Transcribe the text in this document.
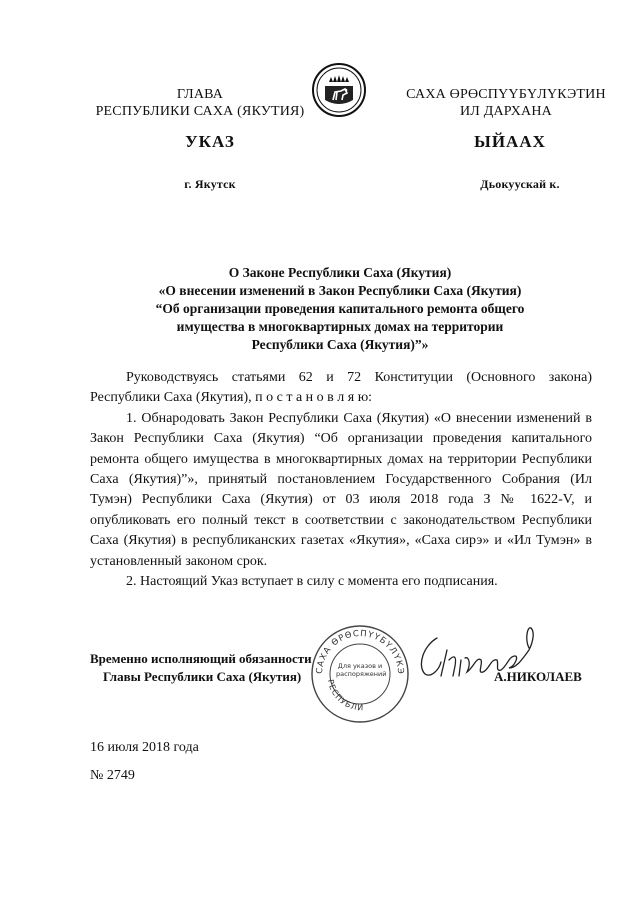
ГЛАВА
РЕСПУБЛИКИ САХА (ЯКУТИЯ)
САХА ӨРӨСПҮҮБҮЛҮКЭТИН
ИЛ ДАРХАНА
УКАЗ	ЫЙААХ
г. Якутск	Дьокуускай к.
О Законе Республики Саха (Якутия)
«О внесении изменений в Закон Республики Саха (Якутия)
“Об организации проведения капитального ремонта общего
имущества в многоквартирных домах на территории
Республики Саха (Якутия)”»

Руководствуясь статьями 62 и 72 Конституции (Основного закона) Республики Саха (Якутия), п о с т а н о в л я ю:

1. Обнародовать Закон Республики Саха (Якутия) «О внесении изменений в Закон Республики Саха (Якутия) “Об организации проведения капитального ремонта общего имущества в многоквартирных домах на территории Республики Саха (Якутия)”», принятый постановлением Государственного Собрания (Ил Тумэн) Республики Саха (Якутия) от 03 июля 2018 года З № 1622-V, и опубликовать его полный текст в соответствии с законодательством Республики Саха (Якутия) в республиканских газетах «Якутия», «Саха сирэ» и «Ил Тумэн» в установленный законом срок.

2. Настоящий Указ вступает в силу с момента его подписания.

Временно исполняющий обязанности
Главы Республики Саха (Якутия)	А.НИКОЛАЕВ
САХА ӨРӨСПҮҮБҮЛҮКЭ
РЕСПУБЛИ
Для указов и распоряжений
16 июля 2018 года
№ 2749
